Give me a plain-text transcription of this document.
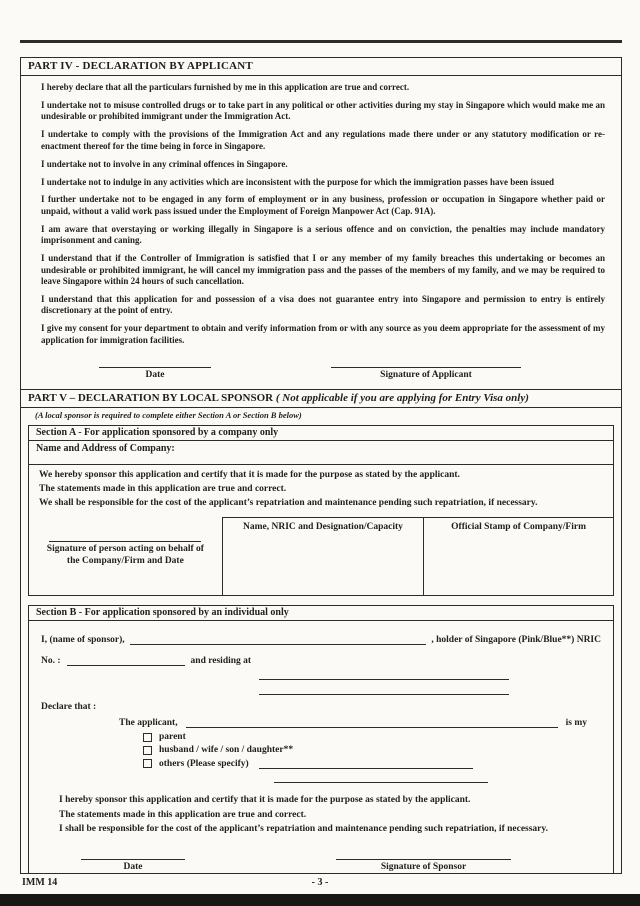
PART IV - DECLARATION BY APPLICANT
I hereby declare that all the particulars furnished by me in this application are true and correct.
I undertake not to misuse controlled drugs or to take part in any political or other activities during my stay in Singapore which would make me an undesirable or prohibited immigrant under the Immigration Act.
I undertake to comply with the provisions of the Immigration Act and any regulations made there under or any statutory modification or re-enactment thereof for the time being in force in Singapore.
I undertake not to involve in any criminal offences in Singapore.
I undertake not to indulge in any activities which are inconsistent with the purpose for which the immigration passes have been issued
I further undertake not to be engaged in any form of employment or in any business, profession or occupation in Singapore whether paid or unpaid, without a valid work pass issued under the Employment of Foreign Manpower Act (Cap. 91A).
I am aware that overstaying or working illegally in Singapore is a serious offence and on conviction, the penalties may include mandatory imprisonment and caning.
I understand that if the Controller of Immigration is satisfied that I or any member of my family breaches this undertaking or becomes an undesirable or prohibited immigrant, he will cancel my immigration pass and the passes of the members of my family, and we may be required to leave Singapore within 24 hours of such cancellation.
I understand that this application for and possession of a visa does not guarantee entry into Singapore and permission to entry is entirely discretionary at the point of entry.
I give my consent for your department to obtain and verify information from or with any source as you deem appropriate for the assessment of my application for immigration facilities.
Date	Signature of Applicant
PART V – DECLARATION BY LOCAL SPONSOR ( Not applicable if you are applying for Entry Visa only)
(A local sponsor is required to complete either Section A or Section B below)
Section A - For application sponsored by a company only
Name and Address of Company:
We hereby sponsor this application and certify that it is made for the purpose as stated by the applicant.
The statements made in this application are true and correct.
We shall be responsible for the cost of the applicant’s repatriation and maintenance pending such repatriation, if necessary.
Signature of person acting on behalf of the Company/Firm and Date
Name, NRIC and Designation/Capacity	Official Stamp of Company/Firm
Section B - For application sponsored by an individual only
I, (name of sponsor),	, holder of Singapore (Pink/Blue**) NRIC
No. :	and residing at
Declare that :
The applicant,	is my
parent
husband / wife / son / daughter**
others (Please specify)
I hereby sponsor this application and certify that it is made for the purpose as stated by the applicant.
The statements made in this application are true and correct.
I shall be responsible for the cost of the applicant’s repatriation and maintenance pending such repatriation, if necessary.
Date	Signature of Sponsor
IMM 14	- 3 -
